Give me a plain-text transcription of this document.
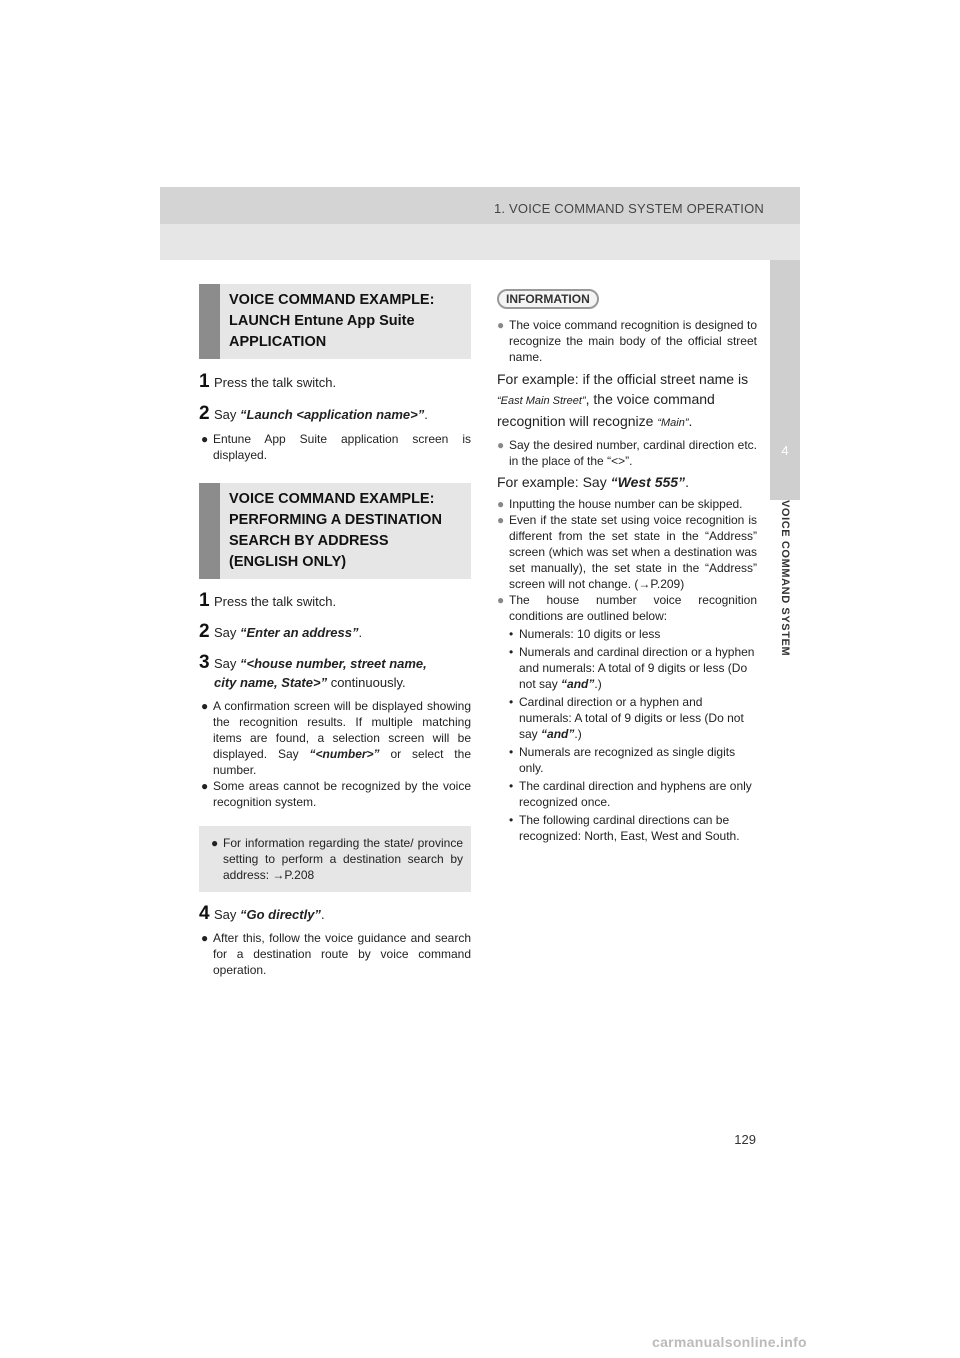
1. VOICE COMMAND SYSTEM OPERATION
4
VOICE COMMAND SYSTEM
VOICE COMMAND EXAMPLE: LAUNCH Entune App Suite APPLICATION
1 Press the talk switch.
2 Say “Launch <application name>”.
● Entune App Suite application screen is displayed.
VOICE COMMAND EXAMPLE: PERFORMING A DESTINATION SEARCH BY ADDRESS (ENGLISH ONLY)
1 Press the talk switch.
2 Say “Enter an address”.
3 Say “<house number, street name,
city name, State>” continuously.
● A confirmation screen will be displayed showing the recognition results. If multiple matching items are found, a selection screen will be displayed. Say “<number>” or select the number.
● Some areas cannot be recognized by the voice recognition system.
● For information regarding the state/ province setting to perform a destination search by address: →P.208
4 Say “Go directly”.
● After this, follow the voice guidance and search for a destination route by voice command operation.
INFORMATION
● The voice command recognition is designed to recognize the main body of the official street name.
For example: if the official street name is
“East Main Street”, the voice command recognition will recognize “Main”.
● Say the desired number, cardinal direction etc. in the place of the “<>”.
For example: Say “West 555”.
● Inputting the house number can be skipped.
● Even if the state set using voice recognition is different from the set state in the “Address” screen (which was set when a destination was set manually), the set state in the “Address” screen will not change. (→P.209)
● The house number voice recognition conditions are outlined below:
• Numerals: 10 digits or less
• Numerals and cardinal direction or a hyphen and numerals: A total of 9 digits or less (Do not say “and”.)
• Cardinal direction or a hyphen and numerals: A total of 9 digits or less (Do not say “and”.)
• Numerals are recognized as single digits only.
• The cardinal direction and hyphens are only recognized once.
• The following cardinal directions can be recognized: North, East, West and South.
129
carmanualsonline.info
